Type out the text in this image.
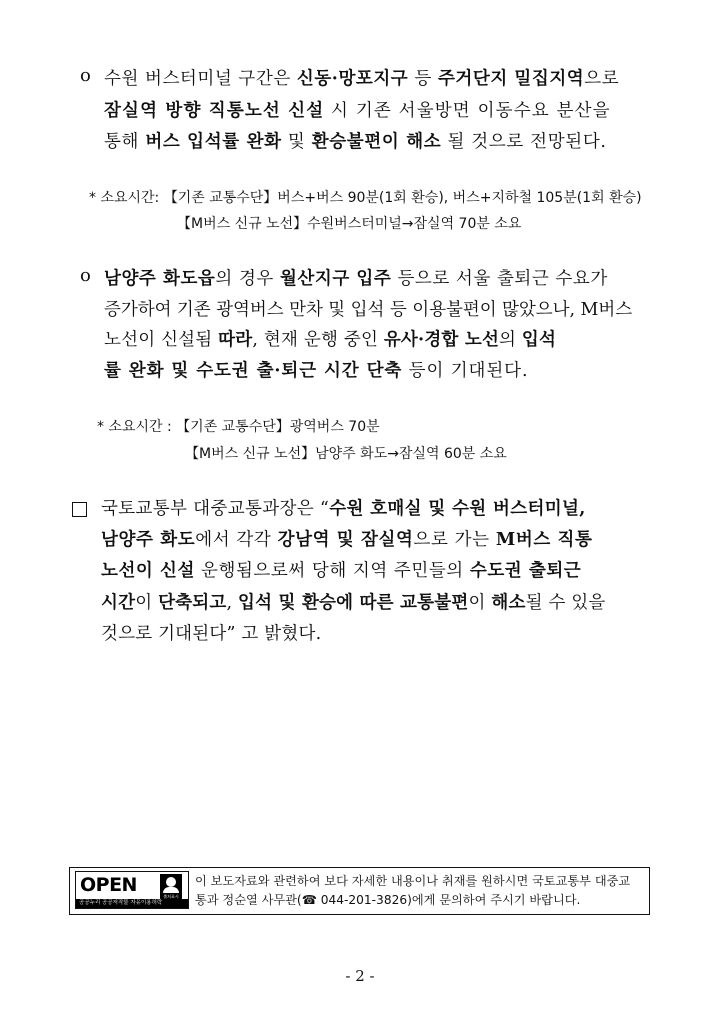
o 수원 버스터미널 구간은 신동·망포지구 등 주거단지 밀집지역으로
잠실역 방향 직통노선 신설 시 기존 서울방면 이동수요 분산을
통해 버스 입석률 완화 및 환승불편이 해소 될 것으로 전망된다.
* 소요시간: 【기존 교통수단】버스+버스 90분(1회 환승), 버스+지하철 105분(1회 환승)
【M버스 신규 노선】수원버스터미널→잠실역 70분 소요
o 남양주 화도읍의 경우 월산지구 입주 등으로 서울 출퇴근 수요가
증가하여 기존 광역버스 만차 및 입석 등 이용불편이 많았으나, M버스
노선이 신설됨 따라, 현재 운행 중인 유사·경합 노선의 입석
률 완화 및 수도권 출·퇴근 시간 단축 등이 기대된다.
* 소요시간 : 【기존 교통수단】광역버스 70분
【M버스 신규 노선】남양주 화도→잠실역 60분 소요
국토교통부 대중교통과장은 “수원 호매실 및 수원 버스터미널,
남양주 화도에서 각각 강남역 및 잠실역으로 가는 M버스 직통
노선이 신설 운행됨으로써 당해 지역 주민들의 수도권 출퇴근
시간이 단축되고, 입석 및 환승에 따른 교통불편이 해소될 수 있을
것으로 기대된다” 고 밝혔다.
OPEN
출처표시
공공누리 공공저작물 자유이용허락
이 보도자료와 관련하여 보다 자세한 내용이나 취재를 원하시면 국토교통부 대중교
통과 정순열 사무관(☎ 044-201-3826)에게 문의하여 주시기 바랍니다.
- 2 -
